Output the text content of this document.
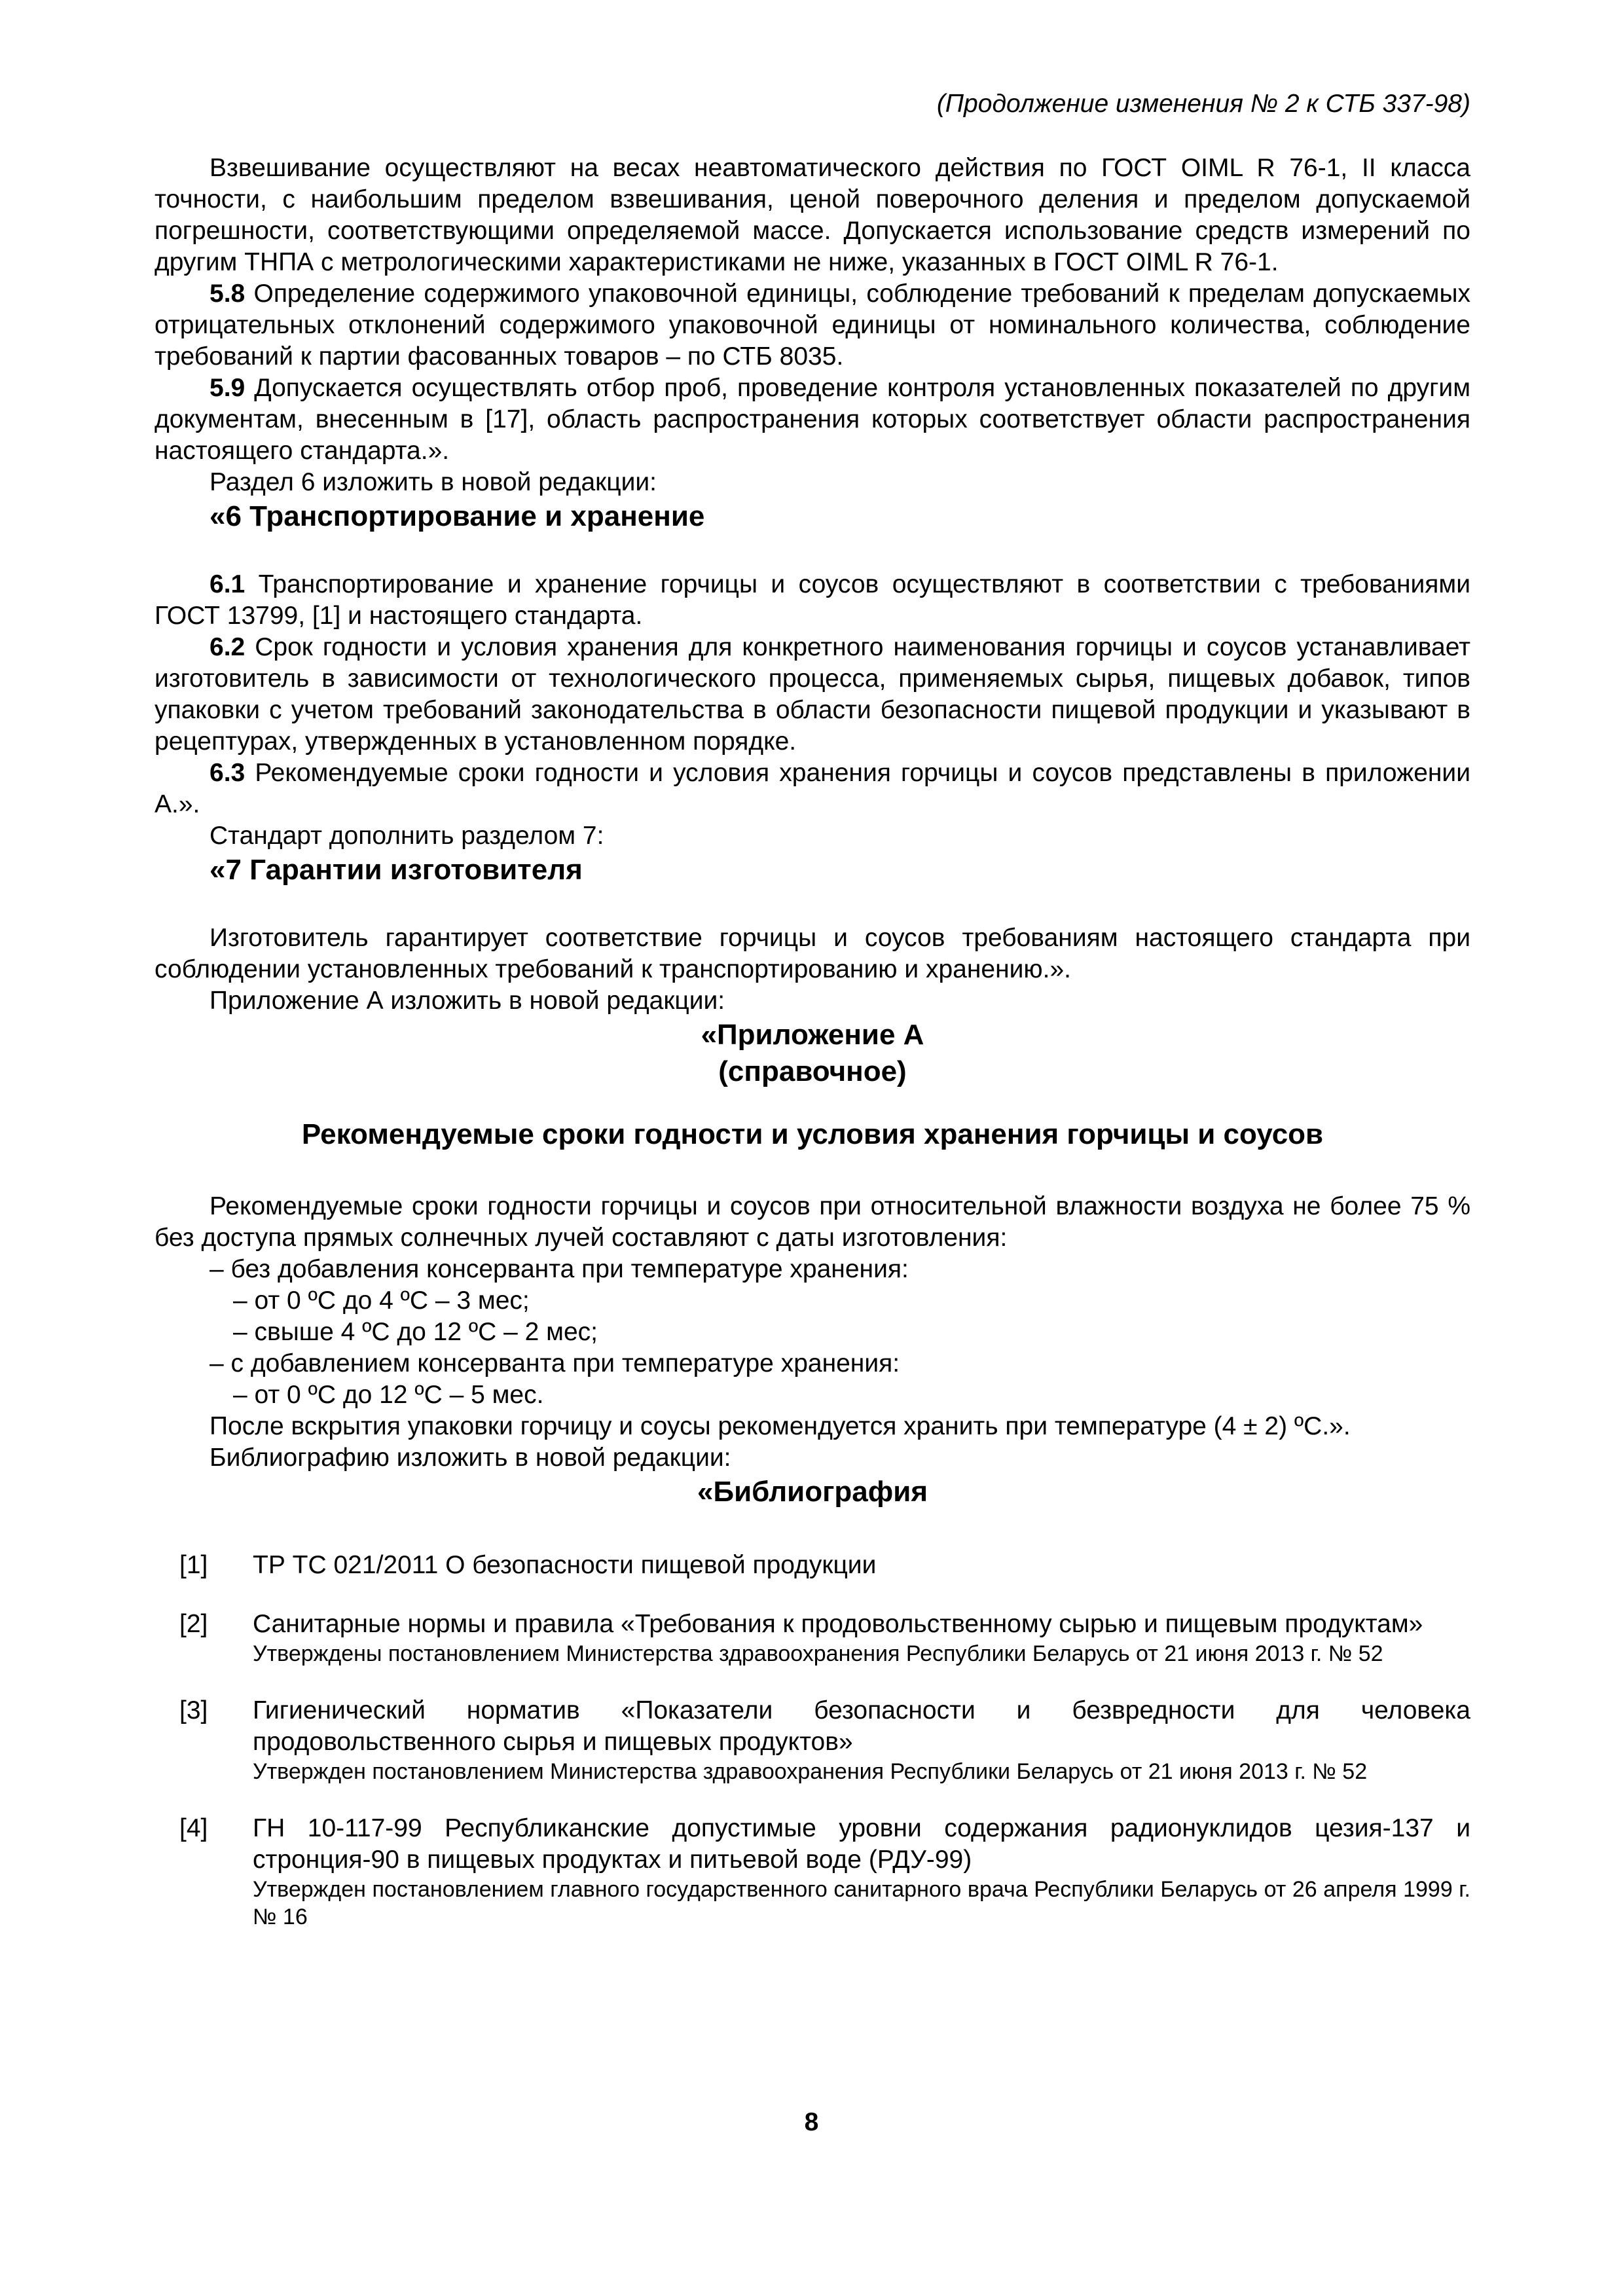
(Продолжение изменения № 2 к СТБ 337-98)

Взвешивание осуществляют на весах неавтоматического действия по ГОСТ OIML R 76-1, II класса точности, с наибольшим пределом взвешивания, ценой поверочного деления и пределом допускаемой погрешности, соответствующими определяемой массе. Допускается использование средств измерений по другим ТНПА с метрологическими характеристиками не ниже, указанных в ГОСТ OIML R 76-1.

5.8 Определение содержимого упаковочной единицы, соблюдение требований к пределам допускаемых отрицательных отклонений содержимого упаковочной единицы от номинального количества, соблюдение требований к партии фасованных товаров – по СТБ 8035.

5.9 Допускается осуществлять отбор проб, проведение контроля установленных показателей по другим документам, внесенным в [17], область распространения которых соответствует области распространения настоящего стандарта.».

Раздел 6 изложить в новой редакции:

«6 Транспортирование и хранение

6.1 Транспортирование и хранение горчицы и соусов осуществляют в соответствии с требованиями ГОСТ 13799, [1] и настоящего стандарта.

6.2 Срок годности и условия хранения для конкретного наименования горчицы и соусов устанавливает изготовитель в зависимости от технологического процесса, применяемых сырья, пищевых добавок, типов упаковки с учетом требований законодательства в области безопасности пищевой продукции и указывают в рецептурах, утвержденных в установленном порядке.

6.3 Рекомендуемые сроки годности и условия хранения горчицы и соусов представлены в приложении А.».

Стандарт дополнить разделом 7:

«7 Гарантии изготовителя

Изготовитель гарантирует соответствие горчицы и соусов требованиям настоящего стандарта при соблюдении установленных требований к транспортированию и хранению.».

Приложение А изложить в новой редакции:

«Приложение А
(справочное)
Рекомендуемые сроки годности и условия хранения горчицы и соусов

Рекомендуемые сроки годности горчицы и соусов при относительной влажности воздуха не более 75 % без доступа прямых солнечных лучей составляют с даты изготовления:

– без добавления консерванта при температуре хранения:

– от 0 ºС до 4 ºС – 3 мес;

– свыше 4 ºС до 12 ºС – 2 мес;

– с добавлением консерванта при температуре хранения:

– от 0 ºС до 12 ºС – 5 мес.

После вскрытия упаковки горчицу и соусы рекомендуется хранить при температуре (4 ± 2) ºС.».

Библиографию изложить в новой редакции:

«Библиография
[1] ТР ТС 021/2011 О безопасности пищевой продукции
[2] Санитарные нормы и правила «Требования к продовольственному сырью и пищевым продуктам»
Утверждены постановлением Министерства здравоохранения Республики Беларусь от 21 июня 2013 г. № 52
[3] Гигиенический норматив «Показатели безопасности и безвредности для человека продовольственного сырья и пищевых продуктов»
Утвержден постановлением Министерства здравоохранения Республики Беларусь от 21 июня 2013 г. № 52
[4] ГН 10-117-99 Республиканские допустимые уровни содержания радионуклидов цезия-137 и стронция-90 в пищевых продуктах и питьевой воде (РДУ-99)
Утвержден постановлением главного государственного санитарного врача Республики Беларусь от 26 апреля 1999 г. № 16
8
